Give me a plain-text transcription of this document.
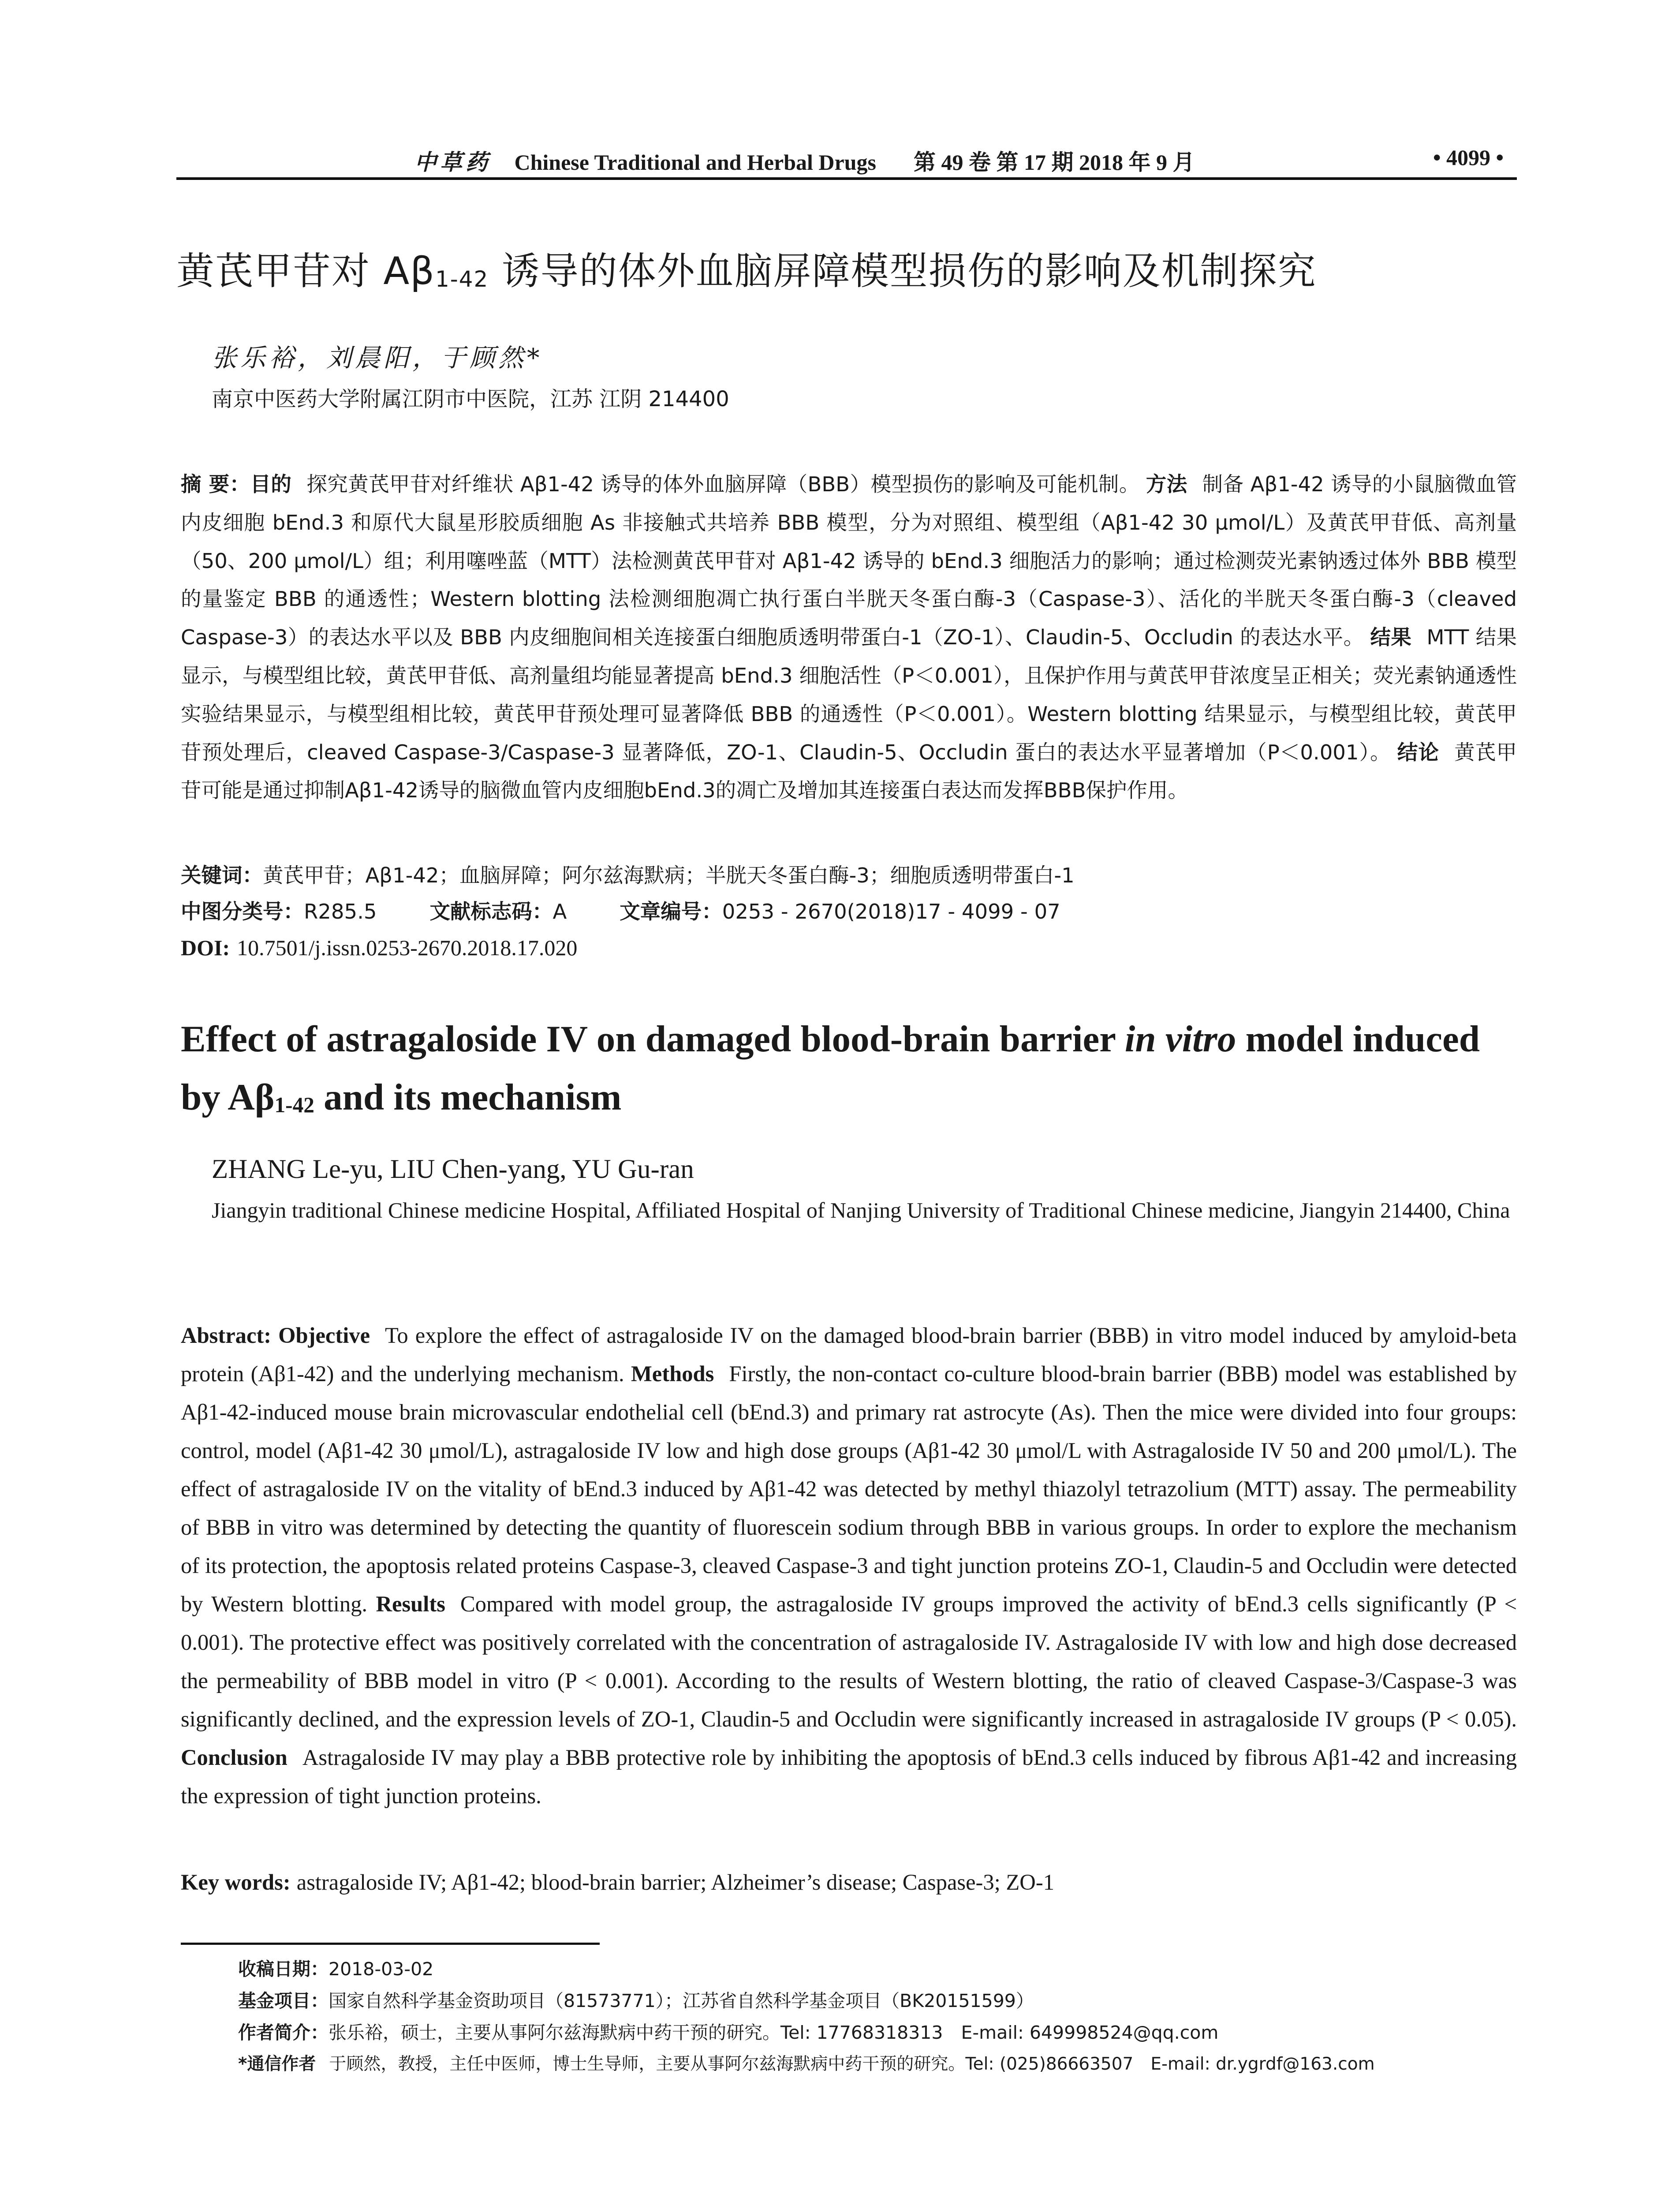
中草药 Chinese Traditional and Herbal Drugs 第 49 卷 第 17 期 2018 年 9 月	• 4099 •
黄芪甲苷对 $A\beta_{1-42}$ 诱导的体外血脑屏障模型损伤的影响及机制探究
张乐裕，刘晨阳，于顾然*
南京中医药大学附属江阴市中医院，江苏 江阴 214400
摘 要：目的 探究黄芪甲苷对纤维状 Aβ1-42 诱导的体外血脑屏障（BBB）模型损伤的影响及可能机制。 方法 制备 Aβ1-42 诱导的小鼠脑微血管内皮细胞 bEnd.3 和原代大鼠星形胶质细胞 As 非接触式共培养 BBB 模型，分为对照组、模型组（Aβ1-42 30 μmol/L）及黄芪甲苷低、高剂量（50、200 μmol/L）组；利用噻唑蓝（MTT）法检测黄芪甲苷对 Aβ1-42 诱导的 bEnd.3 细胞活力的影响；通过检测荧光素钠透过体外 BBB 模型的量鉴定 BBB 的通透性；Western blotting 法检测细胞凋亡执行蛋白半胱天冬蛋白酶-3（Caspase-3）、活化的半胱天冬蛋白酶-3（cleaved Caspase-3）的表达水平以及 BBB 内皮细胞间相关连接蛋白细胞质透明带蛋白-1（ZO-1）、Claudin-5、Occludin 的表达水平。 结果 MTT 结果显示，与模型组比较，黄芪甲苷低、高剂量组均能显著提高 bEnd.3 细胞活性（P＜0.001），且保护作用与黄芪甲苷浓度呈正相关；荧光素钠通透性实验结果显示，与模型组相比较，黄芪甲苷预处理可显著降低 BBB 的通透性（P＜0.001）。Western blotting 结果显示，与模型组比较，黄芪甲苷预处理后，cleaved Caspase-3/Caspase-3 显著降低，ZO-1、Claudin-5、Occludin 蛋白的表达水平显著增加（P＜0.001）。 结论 黄芪甲苷可能是通过抑制Aβ1-42诱导的脑微血管内皮细胞bEnd.3的凋亡及增加其连接蛋白表达而发挥BBB保护作用。
关键词：黄芪甲苷；Aβ1-42；血脑屏障；阿尔兹海默病；半胱天冬蛋白酶-3；细胞质透明带蛋白-1
中图分类号：R285.5	文献标志码：A	文章编号：0253 - 2670(2018)17 - 4099 - 07
DOI: 10.7501/j.issn.0253-2670.2018.17.020
Effect of astragaloside IV on damaged blood-brain barrier in vitro model induced by $A\beta_{1-42}$ and its mechanism
ZHANG Le-yu, LIU Chen-yang, YU Gu-ran
Jiangyin traditional Chinese medicine Hospital, Affiliated Hospital of Nanjing University of Traditional Chinese medicine, Jiangyin 214400, China
Abstract: Objective To explore the effect of astragaloside IV on the damaged blood-brain barrier (BBB) in vitro model induced by amyloid-beta protein (Aβ1-42) and the underlying mechanism. Methods Firstly, the non-contact co-culture blood-brain barrier (BBB) model was established by Aβ1-42-induced mouse brain microvascular endothelial cell (bEnd.3) and primary rat astrocyte (As). Then the mice were divided into four groups: control, model (Aβ1-42 30 μmol/L), astragaloside IV low and high dose groups (Aβ1-42 30 μmol/L with Astragaloside IV 50 and 200 μmol/L). The effect of astragaloside IV on the vitality of bEnd.3 induced by Aβ1-42 was detected by methyl thiazolyl tetrazolium (MTT) assay. The permeability of BBB in vitro was determined by detecting the quantity of fluorescein sodium through BBB in various groups. In order to explore the mechanism of its protection, the apoptosis related proteins Caspase-3, cleaved Caspase-3 and tight junction proteins ZO-1, Claudin-5 and Occludin were detected by Western blotting. Results Compared with model group, the astragaloside IV groups improved the activity of bEnd.3 cells significantly (P < 0.001). The protective effect was positively correlated with the concentration of astragaloside IV. Astragaloside IV with low and high dose decreased the permeability of BBB model in vitro (P < 0.001). According to the results of Western blotting, the ratio of cleaved Caspase-3/Caspase-3 was significantly declined, and the expression levels of ZO-1, Claudin-5 and Occludin were significantly increased in astragaloside IV groups (P < 0.05). Conclusion Astragaloside IV may play a BBB protective role by inhibiting the apoptosis of bEnd.3 cells induced by fibrous Aβ1-42 and increasing the expression of tight junction proteins.
Key words: astragaloside IV; Aβ1-42; blood-brain barrier; Alzheimer’s disease; Caspase-3; ZO-1
收稿日期：2018-03-02
基金项目：国家自然科学基金资助项目（81573771）；江苏省自然科学基金项目（BK20151599）
作者简介：张乐裕，硕士，主要从事阿尔兹海默病中药干预的研究。Tel: 17768318313　E-mail: 649998524@qq.com
*通信作者 于顾然，教授，主任中医师，博士生导师，主要从事阿尔兹海默病中药干预的研究。Tel: (025)86663507　E-mail: dr.ygrdf@163.com
